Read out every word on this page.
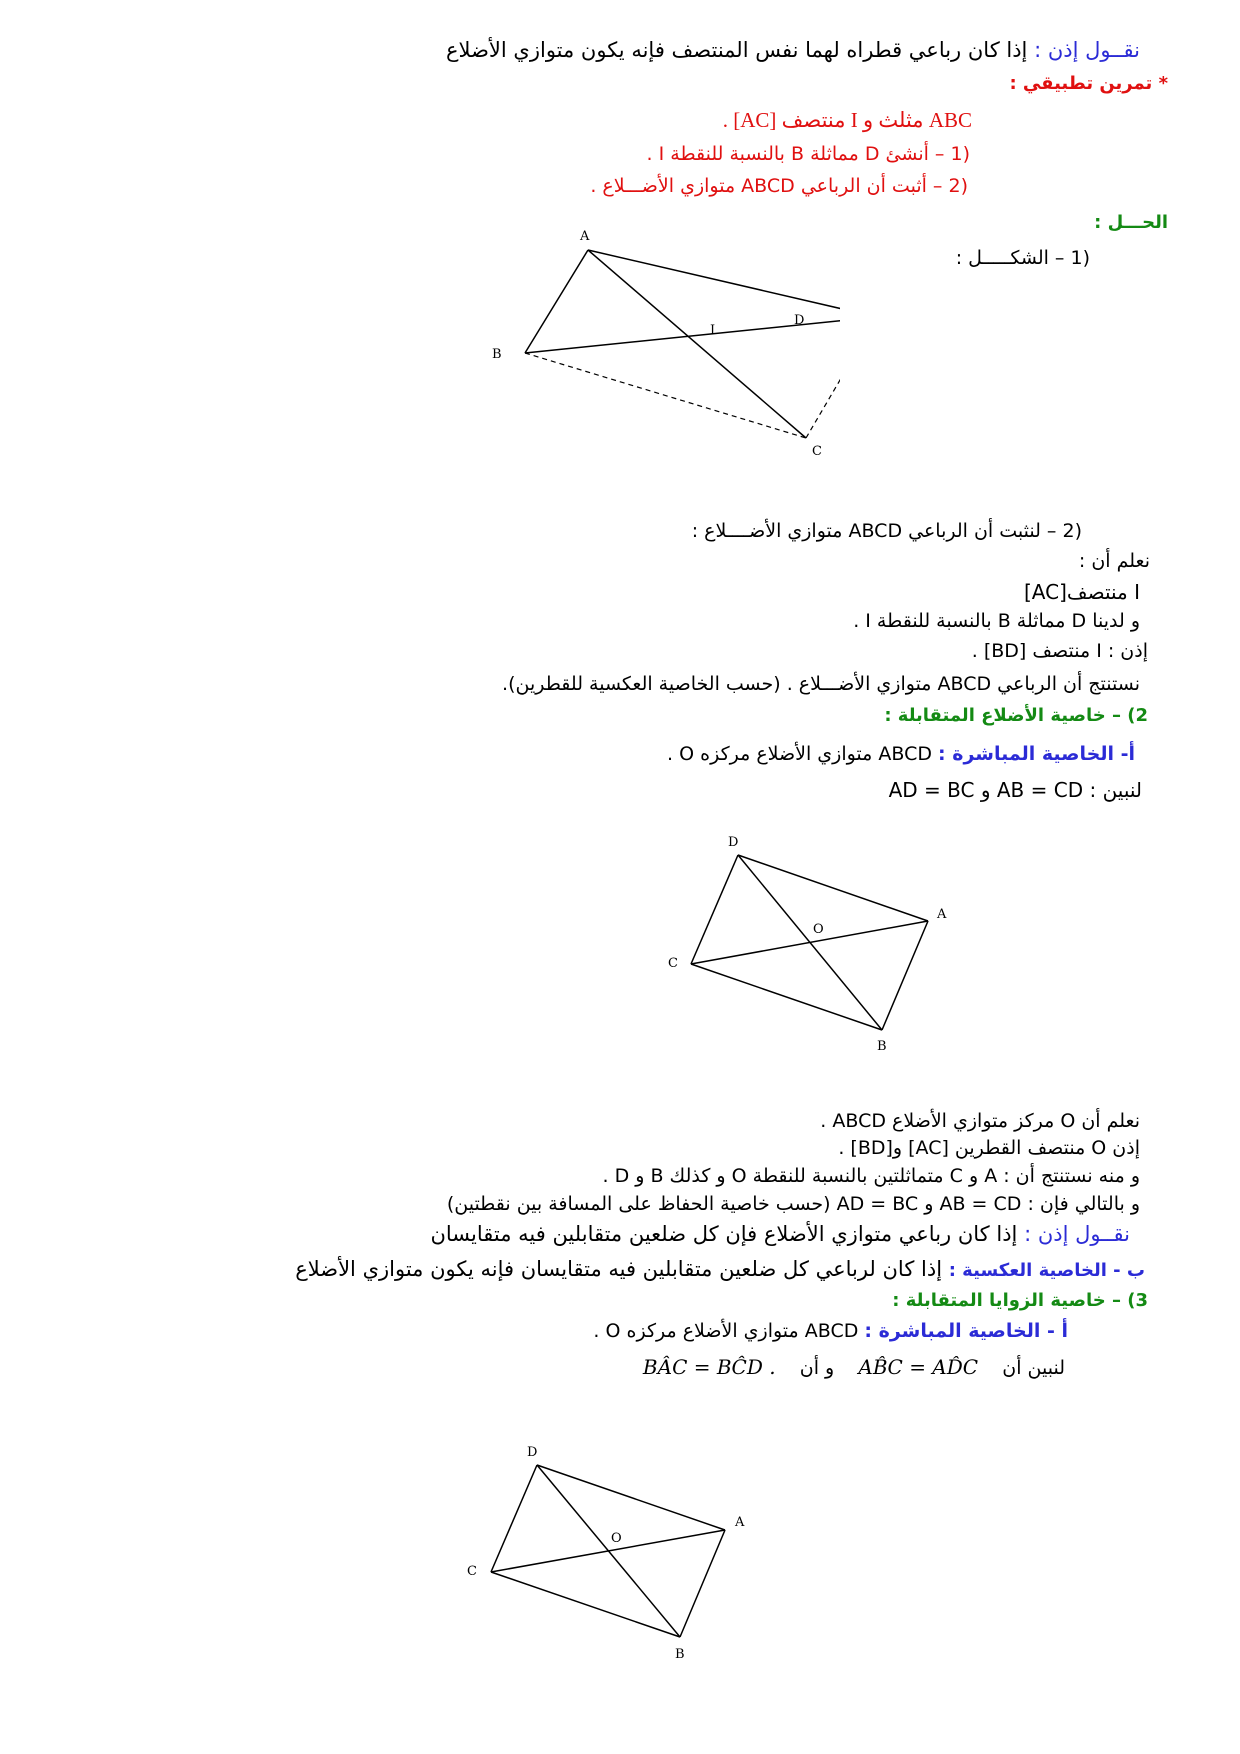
نقــول إذن : إذا كان رباعي قطراه لهما نفس المنتصف فإنه يكون متوازي الأضلاع
* تمرين تطبيقي :
ABC مثلث و I منتصف [AC] .
(1 – أنشئ D مماثلة B بالنسبة للنقطة I .
(2 – أثبت أن الرباعي ABCD متوازي الأضـــلاع .
الحـــل :
(1 – الشكـــــل :
A
B
C
D
I
(2 – لنثبت أن الرباعي ABCD متوازي الأضــــلاع :
نعلم أن :
I منتصف[AC]
و لدينا D مماثلة B بالنسبة للنقطة I .
إذن : I منتصف [BD] .
نستنتج أن الرباعي ABCD متوازي الأضـــلاع . (حسب الخاصية العكسية للقطرين).
2) – خاصية الأضلاع المتقابلة :
أ- الخاصية المباشرة : ABCD متوازي الأضلاع مركزه O .
لنبين : AB = CD و AD = BC
D
A
B
C
O
نعلم أن O مركز متوازي الأضلاع ABCD .
إذن O منتصف القطرين [AC] و[BD] .
و منه نستنتج أن : A و C متماثلتين بالنسبة للنقطة O و كذلك B و D .
و بالتالي فإن : AB = CD و AD = BC (حسب خاصية الحفاظ على المسافة بين نقطتين)
نقــول إذن : إذا كان رباعي متوازي الأضلاع فإن كل ضلعين متقابلين فيه متقايسان
ب - الخاصية العكسية : إذا كان لرباعي كل ضلعين متقابلين فيه متقايسان فإنه يكون متوازي الأضلاع
3) – خاصية الزوايا المتقابلة :
أ - الخاصية المباشرة : ABCD متوازي الأضلاع مركزه O .
لنبين أن    AB̂C = AD̂C    و أن    BÂC = BĈD .
D
A
B
C
O
